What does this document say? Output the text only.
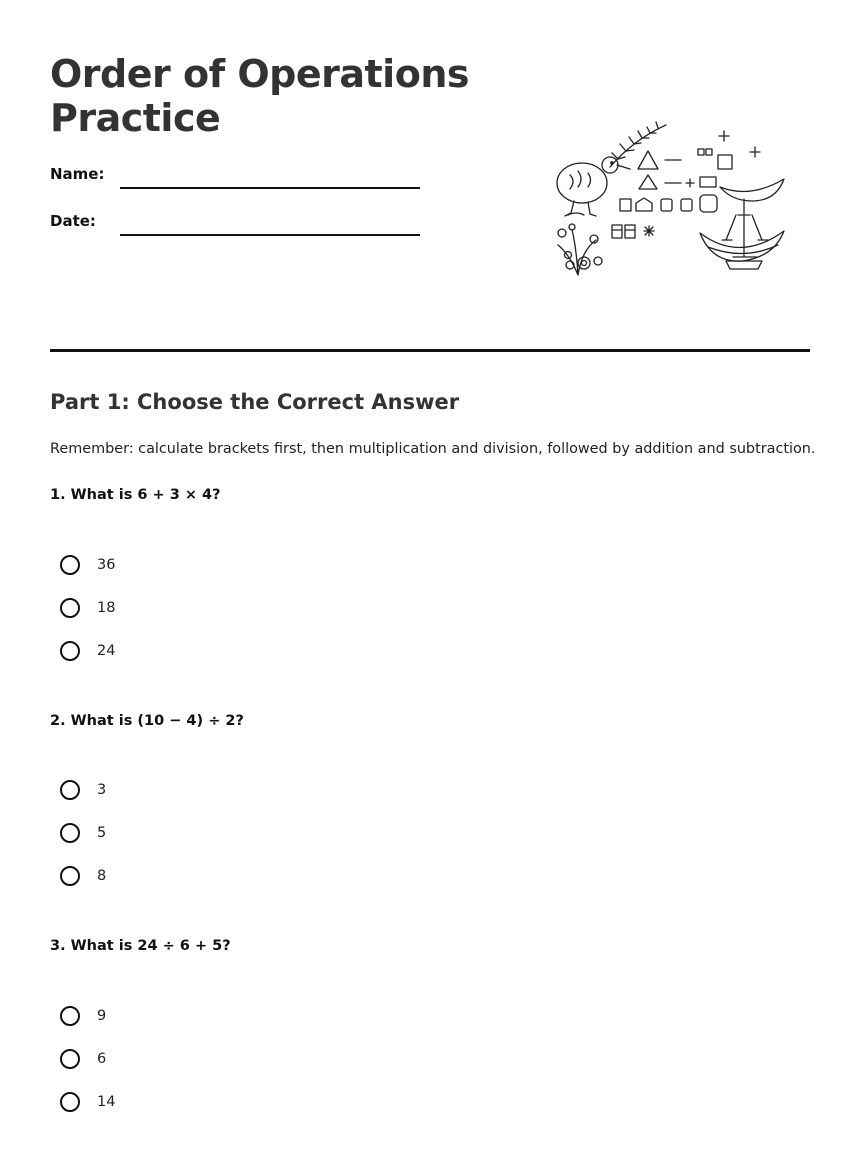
Order of Operations
Practice
Name:
Date:
Part 1: Choose the Correct Answer

Remember: calculate brackets first, then multiplication and division, followed by addition and subtraction.

1. What is 6 + 3 × 4?

36
18
24

2. What is (10 − 4) ÷ 2?

3
5
8

3. What is 24 ÷ 6 + 5?

9
6
14
